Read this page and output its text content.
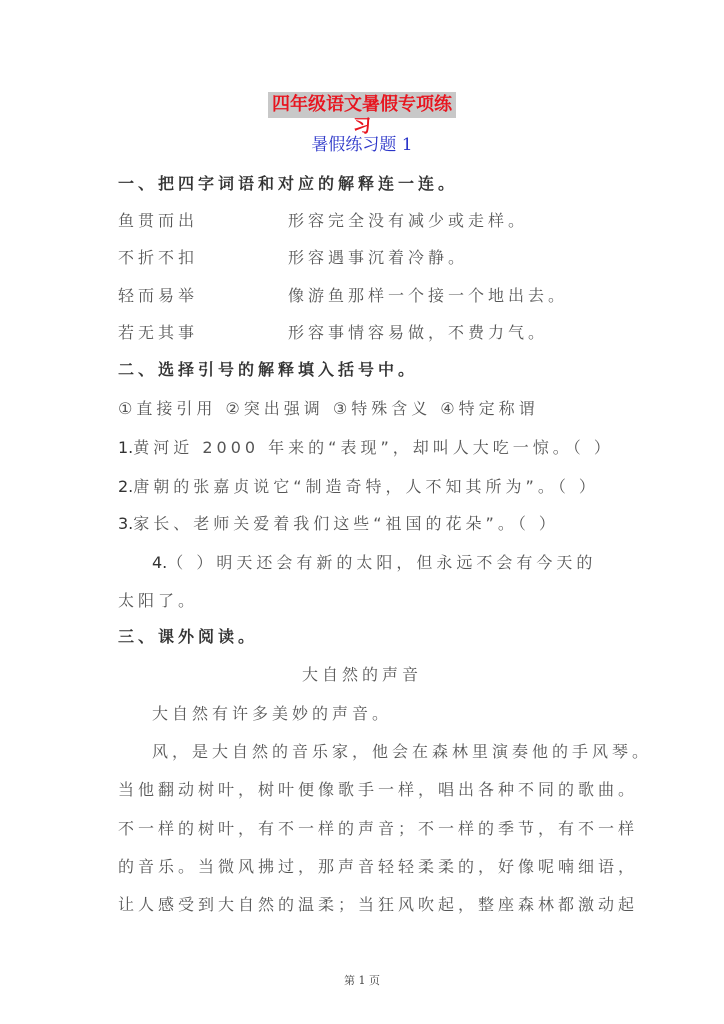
四年级语文暑假专项练习
暑假练习题 1
一、把四字词语和对应的解释连一连。
鱼贯而出	形容完全没有减少或走样。
不折不扣	形容遇事沉着冷静。
轻而易举	像游鱼那样一个接一个地出去。
若无其事	形容事情容易做，不费力气。
二、选择引号的解释填入括号中。
①直接引用 ②突出强调 ③特殊含义 ④特定称谓
1.黄河近 2000 年来的“表现”，却叫人大吃一惊。（ ）
2.唐朝的张嘉贞说它“制造奇特，人不知其所为”。（ ）
3.家长、老师关爱着我们这些“祖国的花朵”。（ ）
4.（ ）明天还会有新的太阳，但永远不会有今天的
太阳了。
三、课外阅读。
大自然的声音
大自然有许多美妙的声音。
风，是大自然的音乐家，他会在森林里演奏他的手风琴。
当他翻动树叶，树叶便像歌手一样，唱出各种不同的歌曲。
不一样的树叶，有不一样的声音；不一样的季节，有不一样
的音乐。当微风拂过，那声音轻轻柔柔的，好像呢喃细语，
让人感受到大自然的温柔；当狂风吹起，整座森林都激动起
第 1 页
